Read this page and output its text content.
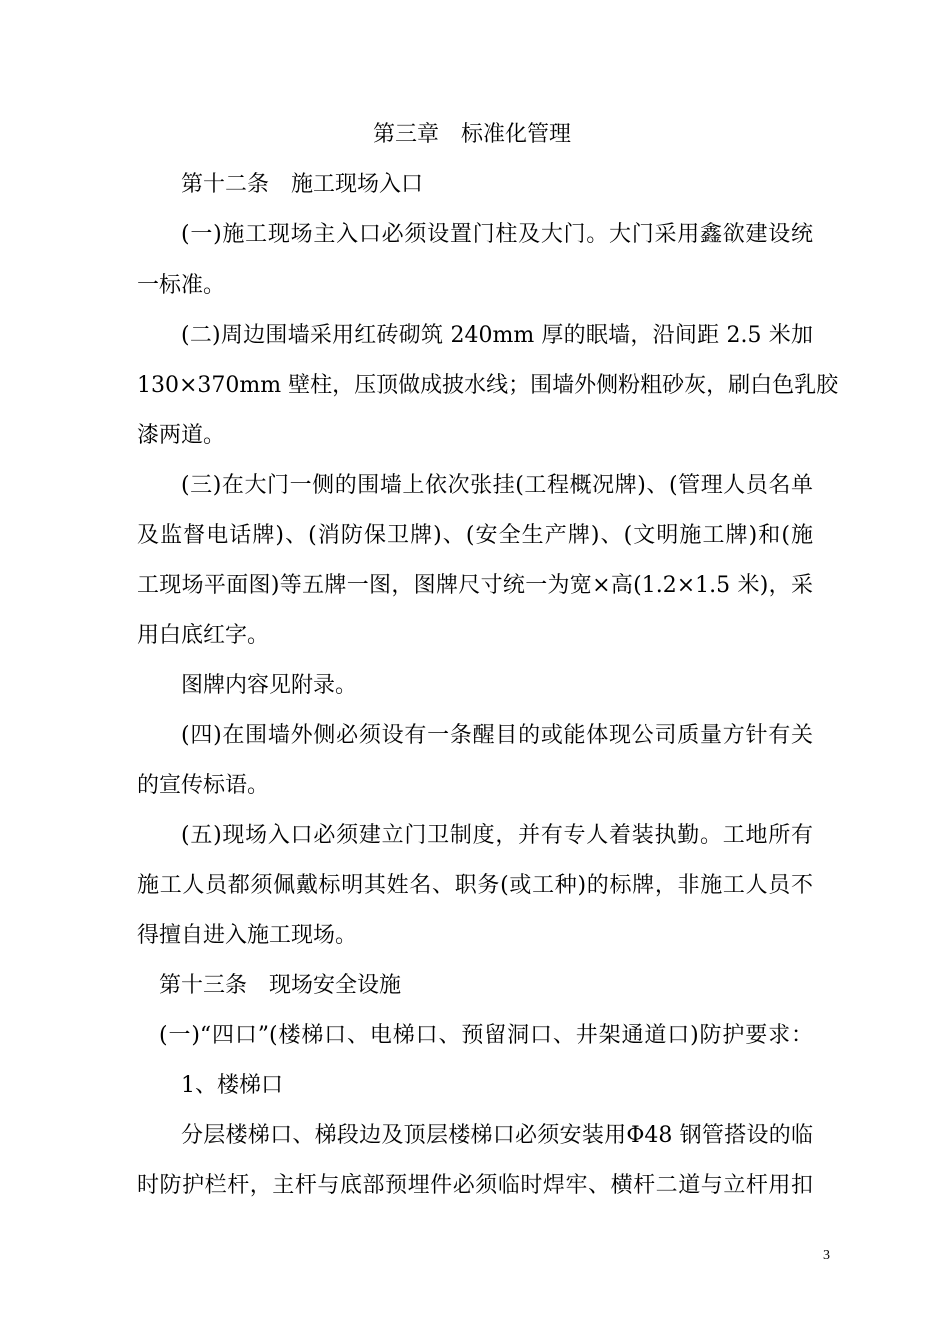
第三章　标准化管理
第十二条　施工现场入口
(一)施工现场主入口必须设置门柱及大门。大门采用鑫欲建设统
一标准。
(二)周边围墙采用红砖砌筑 240mm 厚的眠墙，沿间距 2.5 米加
130×370mm 壁柱，压顶做成披水线；围墙外侧粉粗砂灰，刷白色乳胶
漆两道。
(三)在大门一侧的围墙上依次张挂(工程概况牌)、(管理人员名单
及监督电话牌)、(消防保卫牌)、(安全生产牌)、(文明施工牌)和(施
工现场平面图)等五牌一图，图牌尺寸统一为宽×高(1.2×1.5 米)，采
用白底红字。
图牌内容见附录。
(四)在围墙外侧必须设有一条醒目的或能体现公司质量方针有关
的宣传标语。
(五)现场入口必须建立门卫制度，并有专人着装执勤。工地所有
施工人员都须佩戴标明其姓名、职务(或工种)的标牌，非施工人员不
得擅自进入施工现场。
第十三条　现场安全设施
(一)“四口”(楼梯口、电梯口、预留洞口、井架通道口)防护要求：
1、楼梯口
分层楼梯口、梯段边及顶层楼梯口必须安装用Φ48 钢管搭设的临
时防护栏杆，主杆与底部预埋件必须临时焊牢、横杆二道与立杆用扣
3
